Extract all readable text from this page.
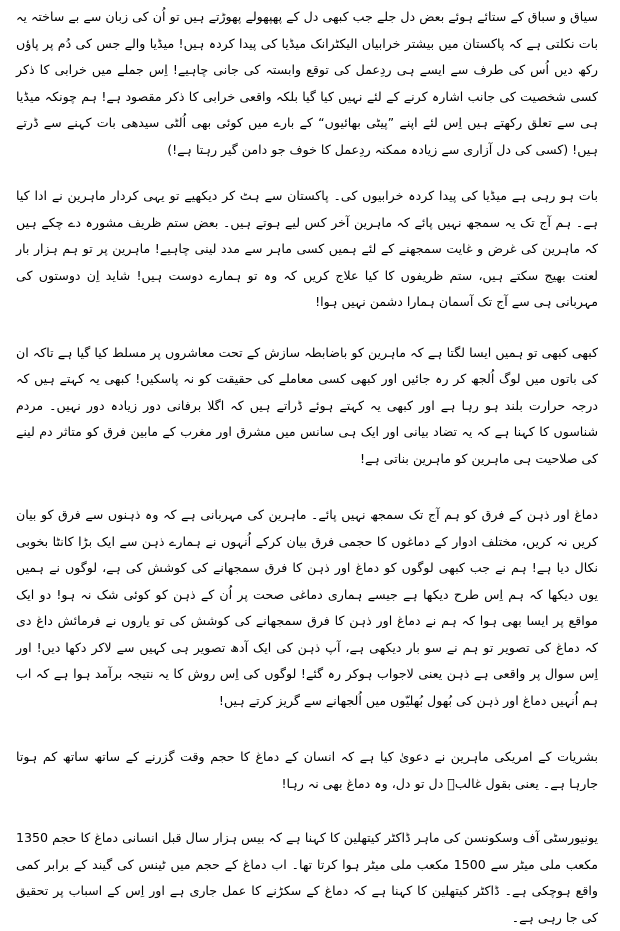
سیاق و سباق کے ستائے ہوئے بعض دل جلے جب کبھی دل کے پھپھولے پھوڑتے ہیں تو اُن کی زبان سے بے ساختہ یہ بات نکلتی ہے کہ پاکستان میں بیشتر خرابیاں الیکٹرانک میڈیا کی پیدا کردہ ہیں! میڈیا والے جس کی دُم پر پاؤں رکھ دیں اُس کی طرف سے ایسے ہی ردِعمل کی توقع وابستہ کی جانی چاہیے! اِس جملے میں خرابی کا ذکر کسی شخصیت کی جانب اشارہ کرنے کے لئے نہیں کیا گیا بلکہ واقعی خرابی کا ذکر مقصود ہے! ہم چونکہ میڈیا ہی سے تعلق رکھتے ہیں اِس لئے اپنے ”پیٹی بھائیوں“ کے بارے میں کوئی بھی اُلٹی سیدھی بات کہنے سے ڈرتے ہیں! (کسی کی دل آزاری سے زیادہ ممکنہ ردِعمل کا خوف جو دامن گیر رہتا ہے!)

بات ہو رہی ہے میڈیا کی پیدا کردہ خرابیوں کی۔ پاکستان سے ہٹ کر دیکھیے تو یہی کردار ماہرین نے ادا کیا ہے۔ ہم آج تک یہ سمجھ نہیں پائے کہ ماہرین آخر کس لیے ہوتے ہیں۔ بعض ستم ظریف مشورہ دے چکے ہیں کہ ماہرین کی غرض و غایت سمجھنے کے لئے ہمیں کسی ماہر سے مدد لینی چاہیے! ماہرین پر تو ہم ہزار بار لعنت بھیج سکتے ہیں، ستم ظریفوں کا کیا علاج کریں کہ وہ تو ہمارے دوست ہیں! شاید اِن دوستوں کی مہربانی ہی سے آج تک آسمان ہمارا دشمن نہیں ہوا!

کبھی کبھی تو ہمیں ایسا لگتا ہے کہ ماہرین کو باضابطہ سازش کے تحت معاشروں پر مسلط کیا گیا ہے تاکہ ان کی باتوں میں لوگ اُلجھ کر رہ جائیں اور کبھی کسی معاملے کی حقیقت کو نہ پاسکیں! کبھی یہ کہتے ہیں کہ درجہ حرارت بلند ہو رہا ہے اور کبھی یہ کہتے ہوئے ڈراتے ہیں کہ اگلا برفانی دور زیادہ دور نہیں۔ مردم شناسوں کا کہنا ہے کہ یہ تضاد بیانی اور ایک ہی سانس میں مشرق اور مغرب کے مابین فرق کو متاثر دم لینے کی صلاحیت ہی ماہرین کو ماہرین بناتی ہے!

دماغ اور ذہن کے فرق کو ہم آج تک سمجھ نہیں پائے۔ ماہرین کی مہربانی ہے کہ وہ ذہنوں سے فرق کو بیان کریں نہ کریں، مختلف ادوار کے دماغوں کا حجمی فرق بیان کرکے اُنہوں نے ہمارے ذہن سے ایک بڑا کانٹا بخوبی نکال دیا ہے! ہم نے جب کبھی لوگوں کو دماغ اور ذہن کا فرق سمجھانے کی کوشش کی ہے، لوگوں نے ہمیں یوں دیکھا کہ ہم اِس طرح دیکھا ہے جیسے ہماری دماغی صحت پر اُن کے ذہن کو کوئی شک نہ ہو! دو ایک مواقع پر ایسا بھی ہوا کہ ہم نے دماغ اور ذہن کا فرق سمجھانے کی کوشش کی تو یاروں نے فرمائش داغ دی کہ دماغ کی تصویر تو ہم نے سو بار دیکھی ہے، آپ ذہن کی ایک آدھ تصویر ہی کہیں سے لاکر دکھا دیں! اور اِس سوال پر واقعی ہے ذہن یعنی لاجواب ہوکر رہ گئے! لوگوں کی اِس روش کا یہ نتیجہ برآمد ہوا ہے کہ اب ہم اُنہیں دماغ اور ذہن کی بُھول بُھلیّوں میں اُلجھانے سے گریز کرتے ہیں!

بشریات کے امریکی ماہرین نے دعویٰ کیا ہے کہ انسان کے دماغ کا حجم وقت گزرنے کے ساتھ ساتھ کم ہوتا جارہا ہے۔ یعنی بقول غالبؔ دل تو دل، وہ دماغ بھی نہ رہا!

یونیورسٹی آف وسکونسن کی ماہر ڈاکٹر کیتھلین کا کہنا ہے کہ بیس ہزار سال قبل انسانی دماغ کا حجم 1350 مکعب ملی میٹر سے 1500 مکعب ملی میٹر ہوا کرتا تھا۔ اب دماغ کے حجم میں ٹینس کی گیند کے برابر کمی واقع ہوچکی ہے۔ ڈاکٹر کیتھلین کا کہنا ہے کہ دماغ کے سکڑنے کا عمل جاری ہے اور اِس کے اسباب پر تحقیق کی جا رہی ہے۔
